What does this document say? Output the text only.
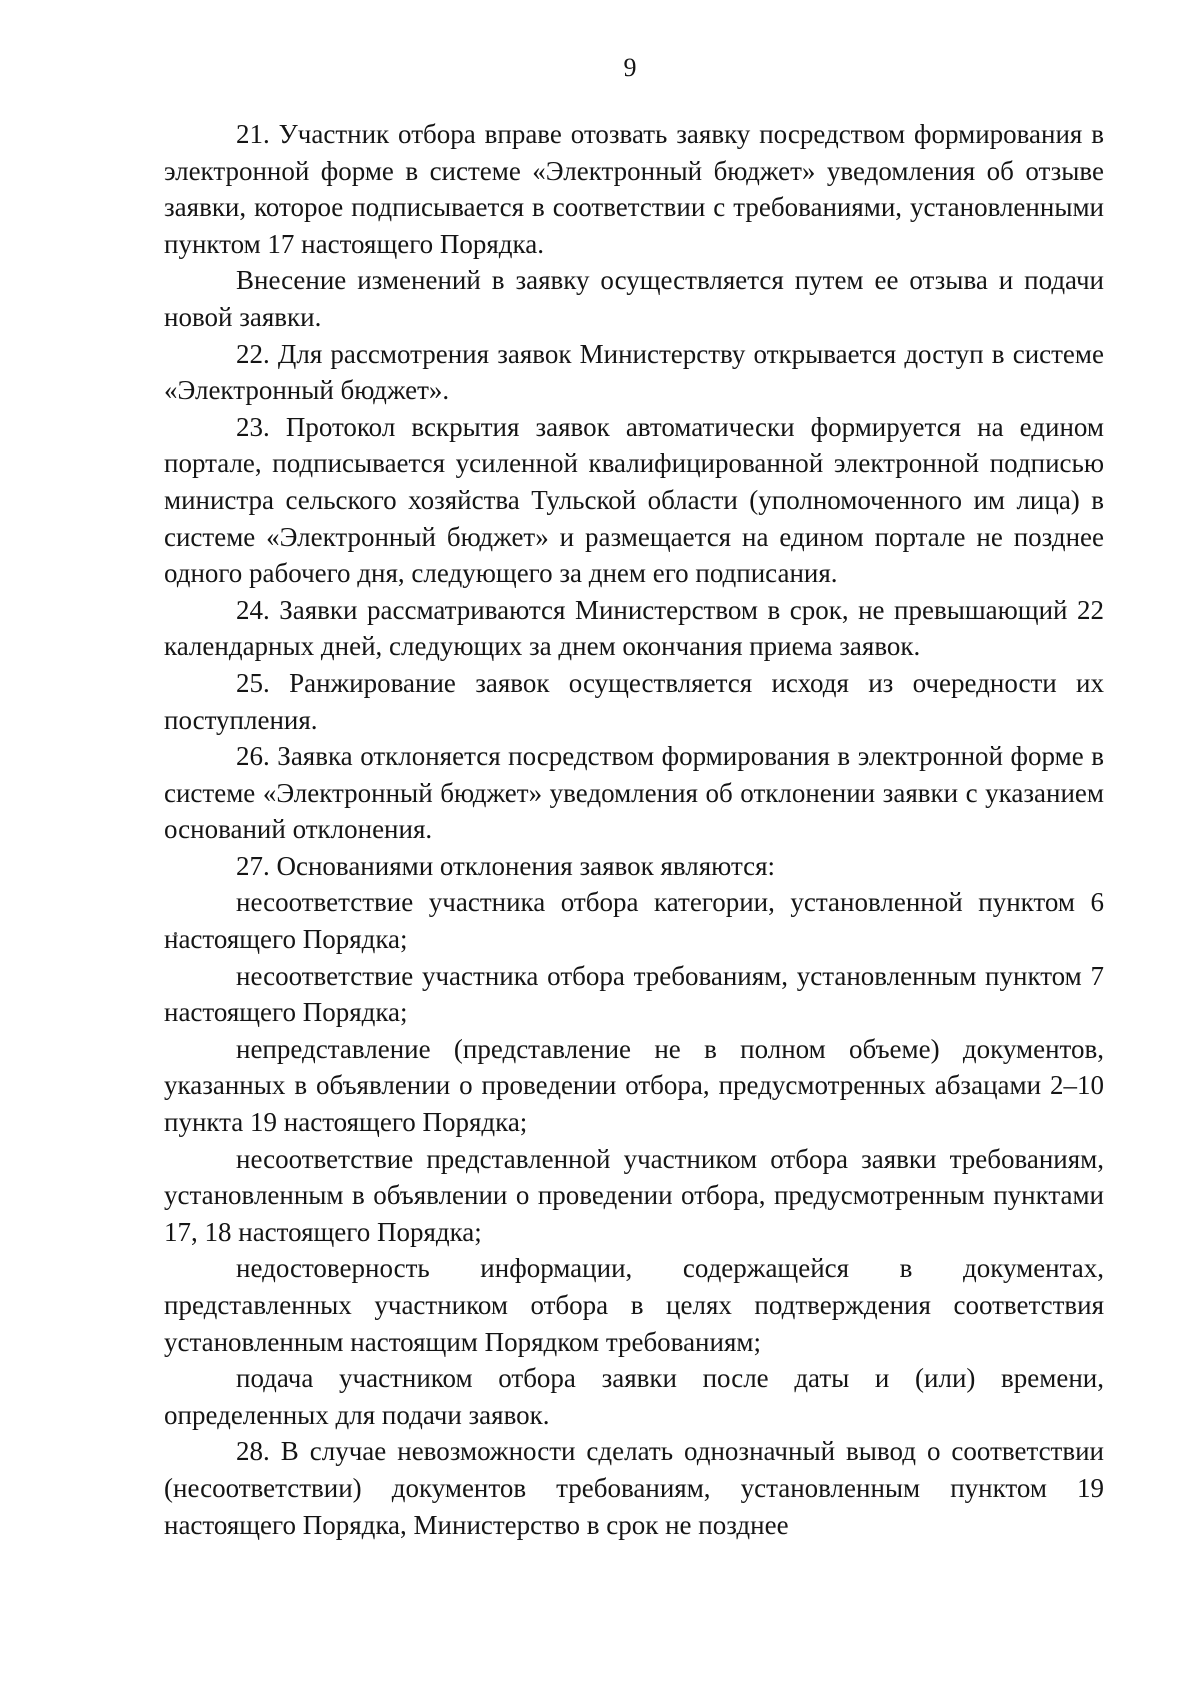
9

21. Участник отбора вправе отозвать заявку посредством формирования в электронной форме в системе «Электронный бюджет» уведомления об отзыве заявки, которое подписывается в соответствии с требованиями, установленными пунктом 17 настоящего Порядка.

Внесение изменений в заявку осуществляется путем ее отзыва и подачи новой заявки.

22. Для рассмотрения заявок Министерству открывается доступ в системе «Электронный бюджет».

23. Протокол вскрытия заявок автоматически формируется на едином портале, подписывается усиленной квалифицированной электронной подписью министра сельского хозяйства Тульской области (уполномоченного им лица) в системе «Электронный бюджет» и размещается на едином портале не позднее одного рабочего дня, следующего за днем его подписания.

24. Заявки рассматриваются Министерством в срок, не превышающий 22 календарных дней, следующих за днем окончания приема заявок.

25. Ранжирование заявок осуществляется исходя из очередности их поступления.

26. Заявка отклоняется посредством формирования в электронной форме в системе «Электронный бюджет» уведомления об отклонении заявки с указанием оснований отклонения.

27. Основаниями отклонения заявок являются:

несоответствие участника отбора категории, установленной пунктом 6 настоящего Порядка;

несоответствие участника отбора требованиям, установленным пунктом 7 настоящего Порядка;

непредставление (представление не в полном объеме) документов, указанных в объявлении о проведении отбора, предусмотренных абзацами 2–10 пункта 19 настоящего Порядка;

несоответствие представленной участником отбора заявки требованиям, установленным в объявлении о проведении отбора, предусмотренным пунктами 17, 18 настоящего Порядка;

недостоверность информации, содержащейся в документах, представленных участником отбора в целях подтверждения соответствия установленным настоящим Порядком требованиям;

подача участником отбора заявки после даты и (или) времени, определенных для подачи заявок.

28. В случае невозможности сделать однозначный вывод о соответствии (несоответствии) документов требованиям, установленным пунктом 19 настоящего Порядка, Министерство в срок не позднее
